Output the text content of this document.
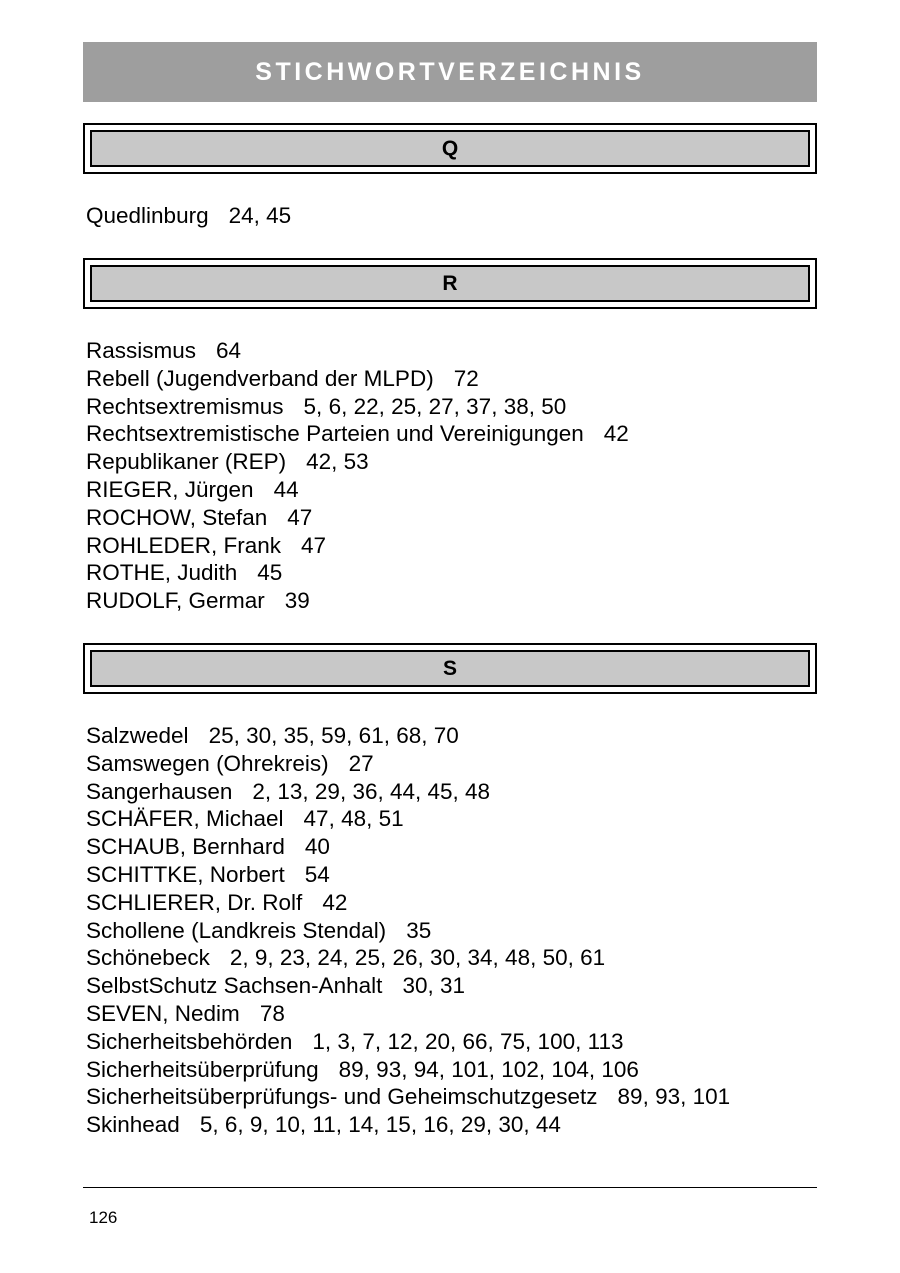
STICHWORTVERZEICHNIS
Q
Quedlinburg 24, 45
R
Rassismus 64
Rebell (Jugendverband der MLPD) 72
Rechtsextremismus 5, 6, 22, 25, 27, 37, 38, 50
Rechtsextremistische Parteien und Vereinigungen 42
Republikaner (REP) 42, 53
RIEGER, Jürgen 44
ROCHOW, Stefan 47
ROHLEDER, Frank 47
ROTHE, Judith 45
RUDOLF, Germar 39
S
Salzwedel 25, 30, 35, 59, 61, 68, 70
Samswegen (Ohrekreis) 27
Sangerhausen 2, 13, 29, 36, 44, 45, 48
SCHÄFER, Michael 47, 48, 51
SCHAUB, Bernhard 40
SCHITTKE, Norbert 54
SCHLIERER, Dr. Rolf 42
Schollene (Landkreis Stendal) 35
Schönebeck 2, 9, 23, 24, 25, 26, 30, 34, 48, 50, 61
SelbstSchutz Sachsen-Anhalt 30, 31
SEVEN, Nedim 78
Sicherheitsbehörden 1, 3, 7, 12, 20, 66, 75, 100, 113
Sicherheitsüberprüfung 89, 93, 94, 101, 102, 104, 106
Sicherheitsüberprüfungs- und Geheimschutzgesetz 89, 93, 101
Skinhead 5, 6, 9, 10, 11, 14, 15, 16, 29, 30, 44
126
